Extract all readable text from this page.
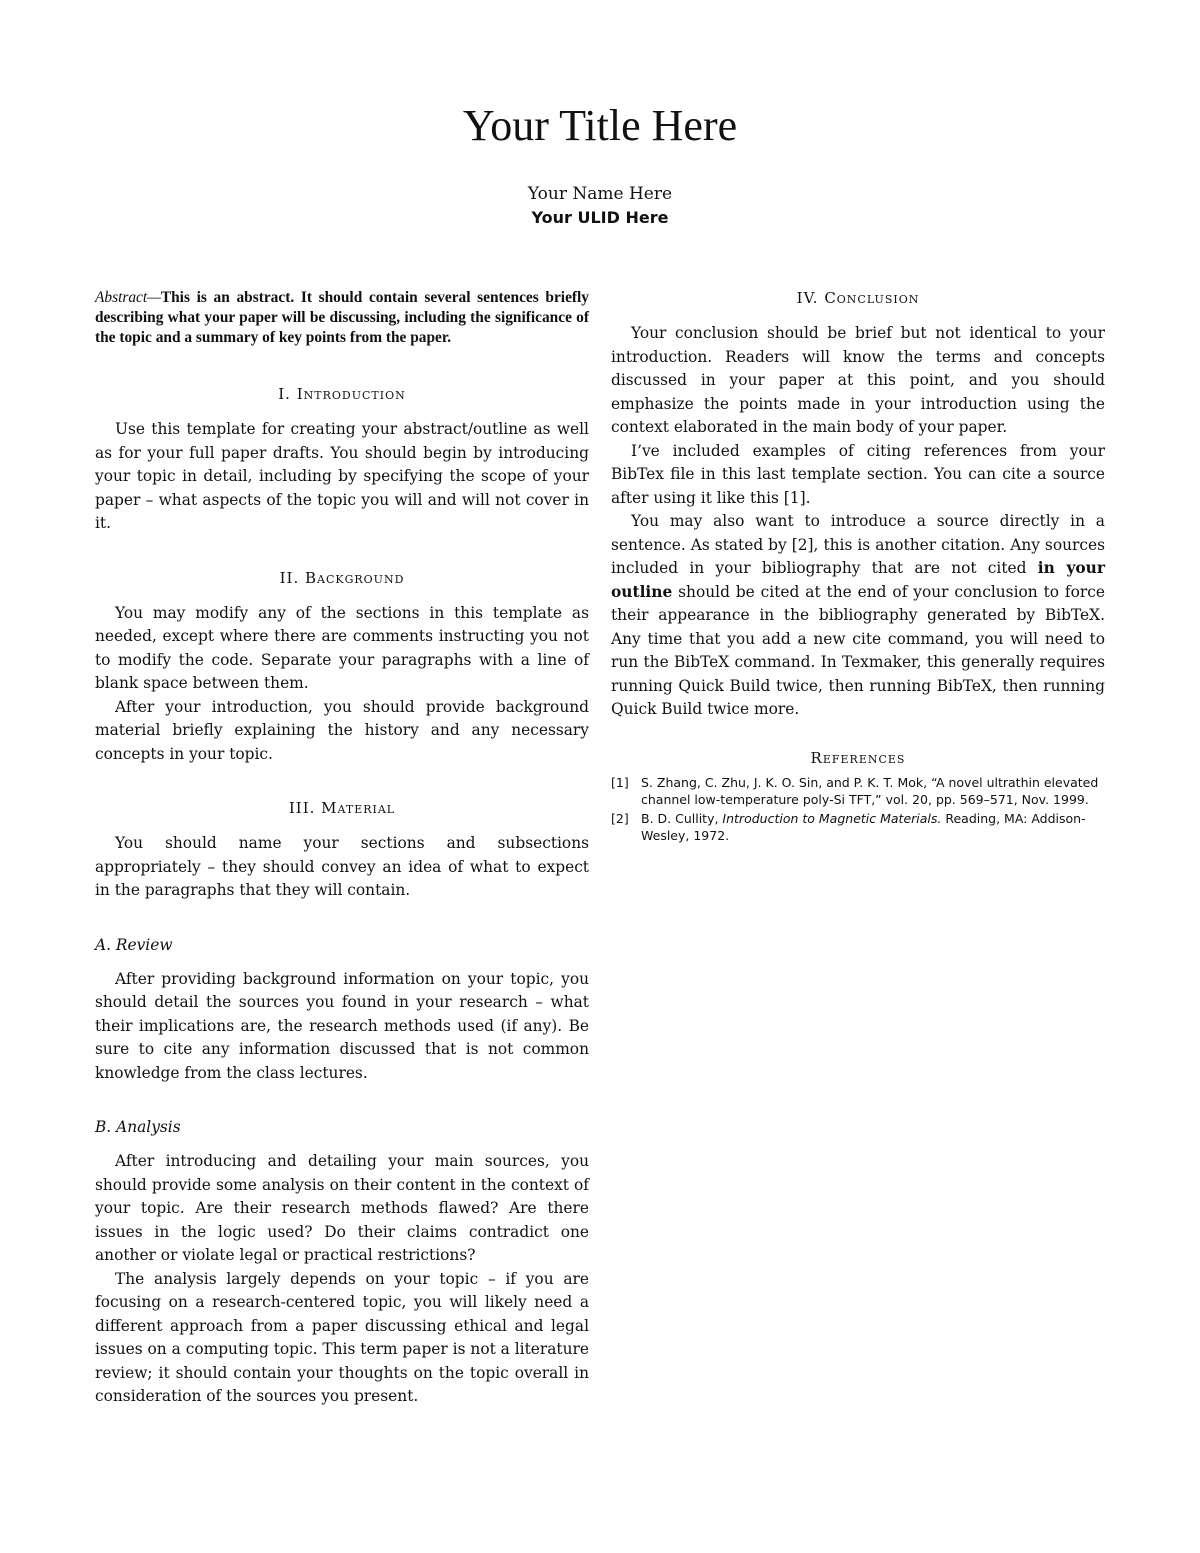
Your Title Here
Your Name Here
Your ULID Here

Abstract—This is an abstract. It should contain several sentences briefly describing what your paper will be discussing, including the significance of the topic and a summary of key points from the paper.

I. Introduction

Use this template for creating your abstract/outline as well as for your full paper drafts. You should begin by introducing your topic in detail, including by specifying the scope of your paper – what aspects of the topic you will and will not cover in it.

II. Background

You may modify any of the sections in this template as needed, except where there are comments instructing you not to modify the code. Separate your paragraphs with a line of blank space between them.

After your introduction, you should provide background material briefly explaining the history and any necessary concepts in your topic.

III. Material

You should name your sections and subsections appropriately – they should convey an idea of what to expect in the paragraphs that they will contain.

A. Review

After providing background information on your topic, you should detail the sources you found in your research – what their implications are, the research methods used (if any). Be sure to cite any information discussed that is not common knowledge from the class lectures.

B. Analysis

After introducing and detailing your main sources, you should provide some analysis on their content in the context of your topic. Are their research methods flawed? Are there issues in the logic used? Do their claims contradict one another or violate legal or practical restrictions?

The analysis largely depends on your topic – if you are focusing on a research-centered topic, you will likely need a different approach from a paper discussing ethical and legal issues on a computing topic. This term paper is not a literature review; it should contain your thoughts on the topic overall in consideration of the sources you present.

IV. Conclusion

Your conclusion should be brief but not identical to your introduction. Readers will know the terms and concepts discussed in your paper at this point, and you should emphasize the points made in your introduction using the context elaborated in the main body of your paper.

I’ve included examples of citing references from your BibTex file in this last template section. You can cite a source after using it like this [1].

You may also want to introduce a source directly in a sentence. As stated by [2], this is another citation. Any sources included in your bibliography that are not cited in your outline should be cited at the end of your conclusion to force their appearance in the bibliography generated by BibTeX. Any time that you add a new cite command, you will need to run the BibTeX command. In Texmaker, this generally requires running Quick Build twice, then running BibTeX, then running Quick Build twice more.

References
[1] S. Zhang, C. Zhu, J. K. O. Sin, and P. K. T. Mok, “A novel ultrathin elevated channel low-temperature poly-Si TFT,” vol. 20, pp. 569–571, Nov. 1999.
[2] B. D. Cullity, Introduction to Magnetic Materials. Reading, MA: Addison-Wesley, 1972.
